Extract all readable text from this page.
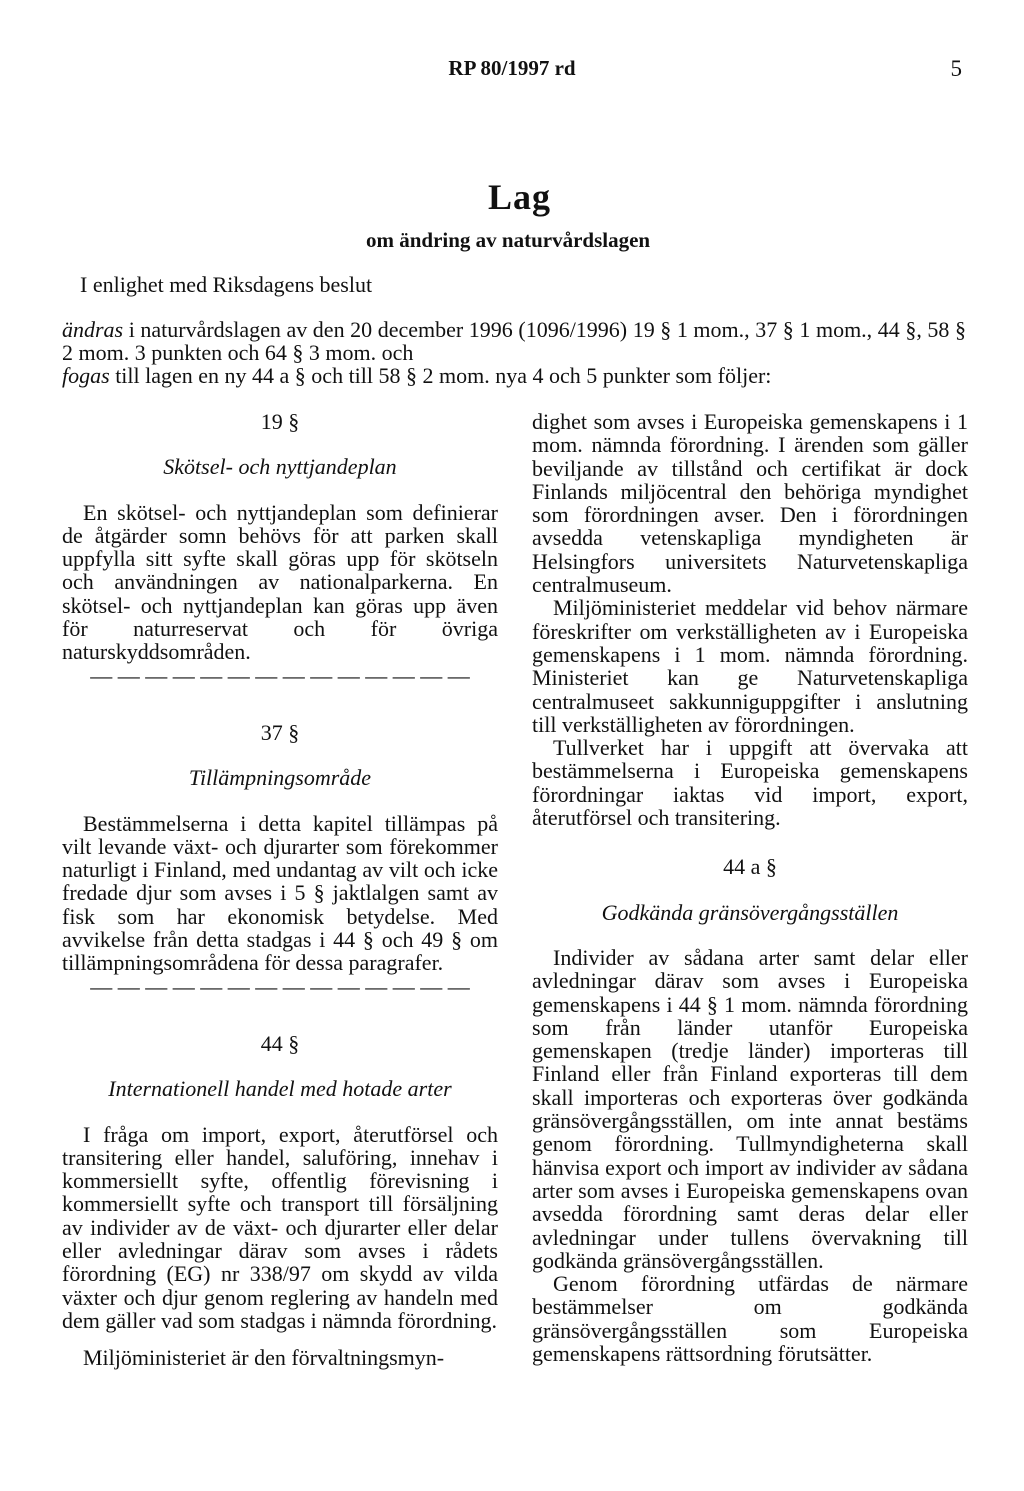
RP 80/1997 rd	5
Lag
om ändring av naturvårdslagen
I enlighet med Riksdagens beslut
ändras i naturvårdslagen av den 20 december 1996 (1096/1996) 19 § 1 mom., 37 § 1 mom., 44 §, 58 § 2 mom. 3 punkten och 64 § 3 mom. och
fogas till lagen en ny 44 a § och till 58 § 2 mom. nya 4 och 5 punkter som följer:

19 §

Skötsel- och nyttjandeplan

En skötsel- och nyttjandeplan som definierar de åtgärder somn behövs för att parken skall uppfylla sitt syfte skall göras upp för skötseln och användningen av nationalparkerna. En skötsel- och nyttjandeplan kan göras upp även för naturreservat och för övriga naturskyddsområden.

— — — — — — — — — — — — — —

37 §

Tillämpningsområde

Bestämmelserna i detta kapitel tillämpas på vilt levande växt- och djurarter som förekommer naturligt i Finland, med undantag av vilt och icke fredade djur som avses i 5 § jaktlalgen samt av fisk som har ekonomisk betydelse. Med avvikelse från detta stadgas i 44 § och 49 § om tillämpningsområdena för dessa paragrafer.

— — — — — — — — — — — — — —

44 §

Internationell handel med hotade arter

I fråga om import, export, återutförsel och transitering eller handel, saluföring, innehav i kommersiellt syfte, offentlig förevisning i kommersiellt syfte och transport till försäljning av individer av de växt- och djurarter eller delar eller avledningar därav som avses i rådets förordning (EG) nr 338/97 om skydd av vilda växter och djur genom reglering av handeln med dem gäller vad som stadgas i nämnda förordning.

Miljöministeriet är den förvaltningsmyn-

dighet som avses i Europeiska gemenskapens i 1 mom. nämnda förordning. I ärenden som gäller beviljande av tillstånd och certifikat är dock Finlands miljöcentral den behöriga myndighet som förordningen avser. Den i förordningen avsedda vetenskapliga myndigheten är Helsingfors universitets Naturvetenskapliga centralmuseum.

Miljöministeriet meddelar vid behov närmare föreskrifter om verkställigheten av i Europeiska gemenskapens i 1 mom. nämnda förordning. Ministeriet kan ge Naturvetenskapliga centralmuseet sakkunniguppgifter i anslutning till verkställigheten av förordningen.

Tullverket har i uppgift att övervaka att bestämmelserna i Europeiska gemenskapens förordningar iaktas vid import, export, återutförsel och transitering.

44 a §

Godkända gränsövergångsställen

Individer av sådana arter samt delar eller avledningar därav som avses i Europeiska gemenskapens i 44 § 1 mom. nämnda förordning som från länder utanför Europeiska gemenskapen (tredje länder) importeras till Finland eller från Finland exporteras till dem skall importeras och exporteras över godkända gränsövergångsställen, om inte annat bestäms genom förordning. Tullmyndigheterna skall hänvisa export och import av individer av sådana arter som avses i Europeiska gemenskapens ovan avsedda förordning samt deras delar eller avledningar under tullens övervakning till godkända gränsövergångsställen.

Genom förordning utfärdas de närmare bestämmelser om godkända gränsövergångsställen som Europeiska gemenskapens rättsordning förutsätter.
